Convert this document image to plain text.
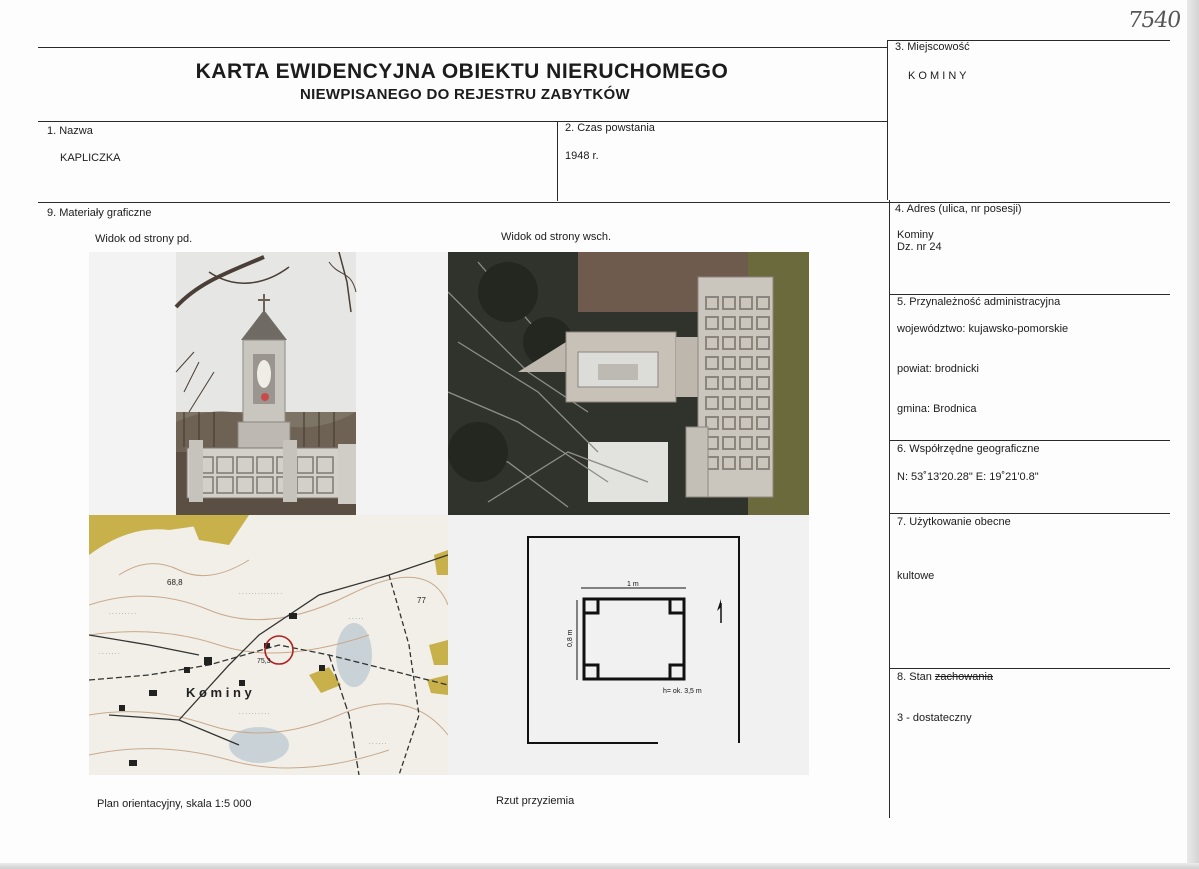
7540
KARTA EWIDENCYJNA OBIEKTU NIERUCHOMEGO
NIEWPISANEGO DO REJESTRU ZABYTKÓW
3. Miejscowość
K O M I N Y
1. Nazwa
KAPLICZKA
2. Czas powstania
1948 r.
9. Materiały graficzne
Widok od strony pd.	Widok od strony wsch.
· · · · · · · · ·
· · · · · · · · · · · · · ·
· · · · · · ·
· · · · · · · · · ·
· · · · ·
· · · · · ·
K o m i n y
68,8
77
75,3
1 m
0,8 m
h= ok. 3,5 m
Plan orientacyjny, skala 1:5 000	Rzut przyziemia
4. Adres (ulica, nr posesji)
Kominy
Dz. nr 24
5. Przynależność administracyjna
województwo: kujawsko-pomorskie
powiat: brodnicki
gmina: Brodnica
6. Współrzędne geograficzne
N: 53˚13'20.28" E: 19˚21'0.8"
7. Użytkowanie obecne
kultowe
8. Stan zachowania
3 - dostateczny
